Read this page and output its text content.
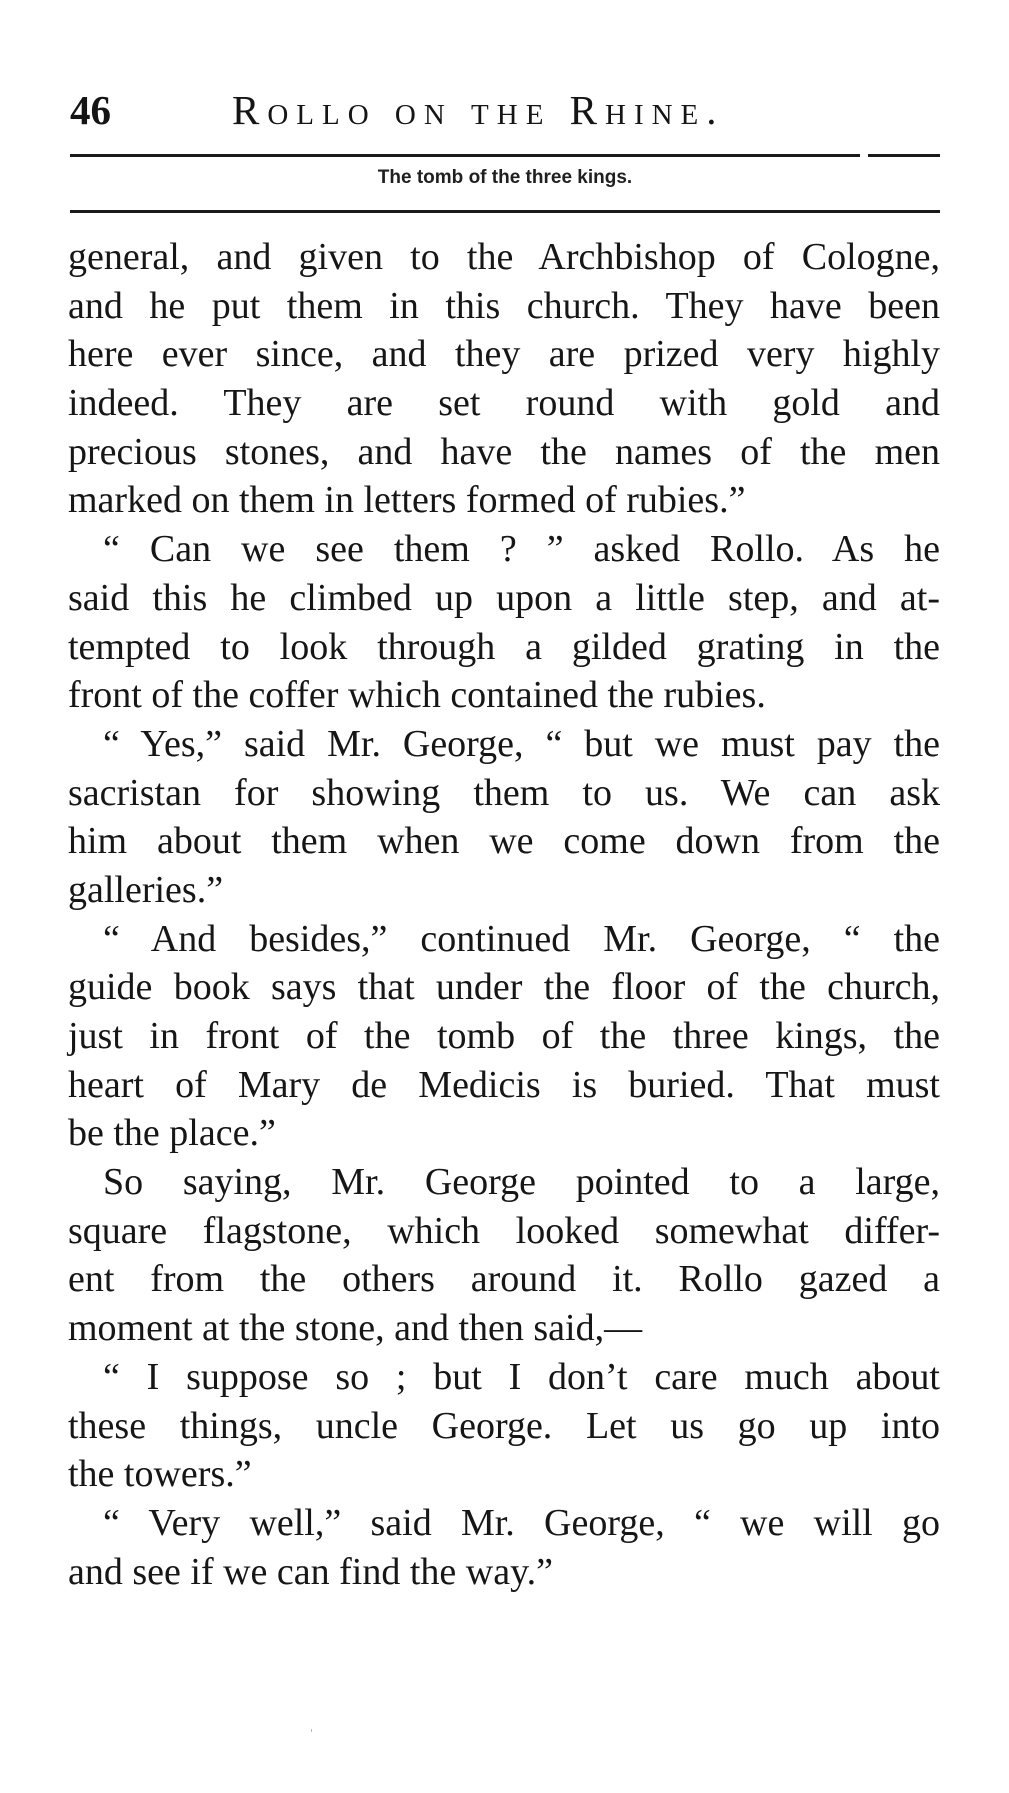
46	Rollo on the Rhine.
The tomb of the three kings.
general, and given to the Archbishop of Cologne,
and he put them in this church. They have been
here ever since, and they are prized very highly
indeed. They are set round with gold and
precious stones, and have the names of the men
marked on them in letters formed of rubies.”
“ Can we see them ? ” asked Rollo. As he
said this he climbed up upon a little step, and at-
tempted to look through a gilded grating in the
front of the coffer which contained the rubies.
“ Yes,” said Mr. George, “ but we must pay the
sacristan for showing them to us. We can ask
him about them when we come down from the
galleries.”
“ And besides,” continued Mr. George, “ the
guide book says that under the floor of the church,
just in front of the tomb of the three kings, the
heart of Mary de Medicis is buried. That must
be the place.”
So saying, Mr. George pointed to a large,
square flagstone, which looked somewhat differ-
ent from the others around it. Rollo gazed a
moment at the stone, and then said,—
“ I suppose so ; but I don’t care much about
these things, uncle George. Let us go up into
the towers.”
“ Very well,” said Mr. George, “ we will go
and see if we can find the way.”
